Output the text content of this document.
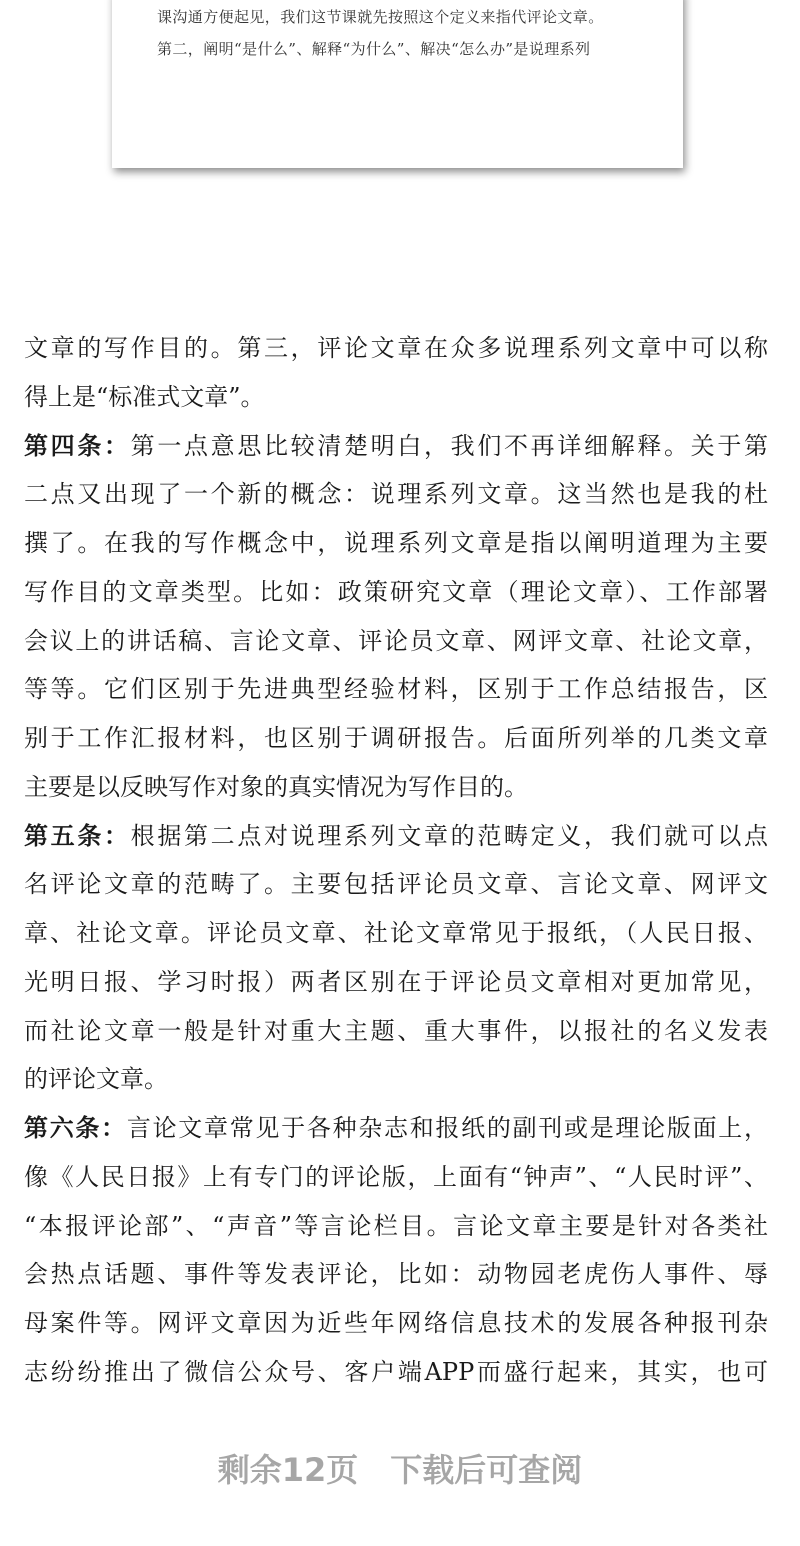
课沟通方便起见，我们这节课就先按照这个定义来指代评论文章。
第二，阐明“是什么”、解释“为什么”、解决“怎么办”是说理系列
文章的写作目的。第三，评论文章在众多说理系列文章中可以称
得上是“标准式文章”。
第四条：第一点意思比较清楚明白，我们不再详细解释。关于第
二点又出现了一个新的概念：说理系列文章。这当然也是我的杜
撰了。在我的写作概念中，说理系列文章是指以阐明道理为主要
写作目的文章类型。比如：政策研究文章（理论文章）、工作部署
会议上的讲话稿、言论文章、评论员文章、网评文章、社论文章，
等等。它们区别于先进典型经验材料，区别于工作总结报告，区
别于工作汇报材料，也区别于调研报告。后面所列举的几类文章
主要是以反映写作对象的真实情况为写作目的。
第五条：根据第二点对说理系列文章的范畴定义，我们就可以点
名评论文章的范畴了。主要包括评论员文章、言论文章、网评文
章、社论文章。评论员文章、社论文章常见于报纸，（人民日报、
光明日报、学习时报）两者区别在于评论员文章相对更加常见，
而社论文章一般是针对重大主题、重大事件，以报社的名义发表
的评论文章。
第六条：言论文章常见于各种杂志和报纸的副刊或是理论版面上，
像《人民日报》上有专门的评论版，上面有“钟声”、“人民时评”、
“本报评论部”、“声音”等言论栏目。言论文章主要是针对各类社
会热点话题、事件等发表评论，比如：动物园老虎伤人事件、辱
母案件等。网评文章因为近些年网络信息技术的发展各种报刊杂
志纷纷推出了微信公众号、客户端APP而盛行起来，其实，也可
剩余12页 下载后可查阅
